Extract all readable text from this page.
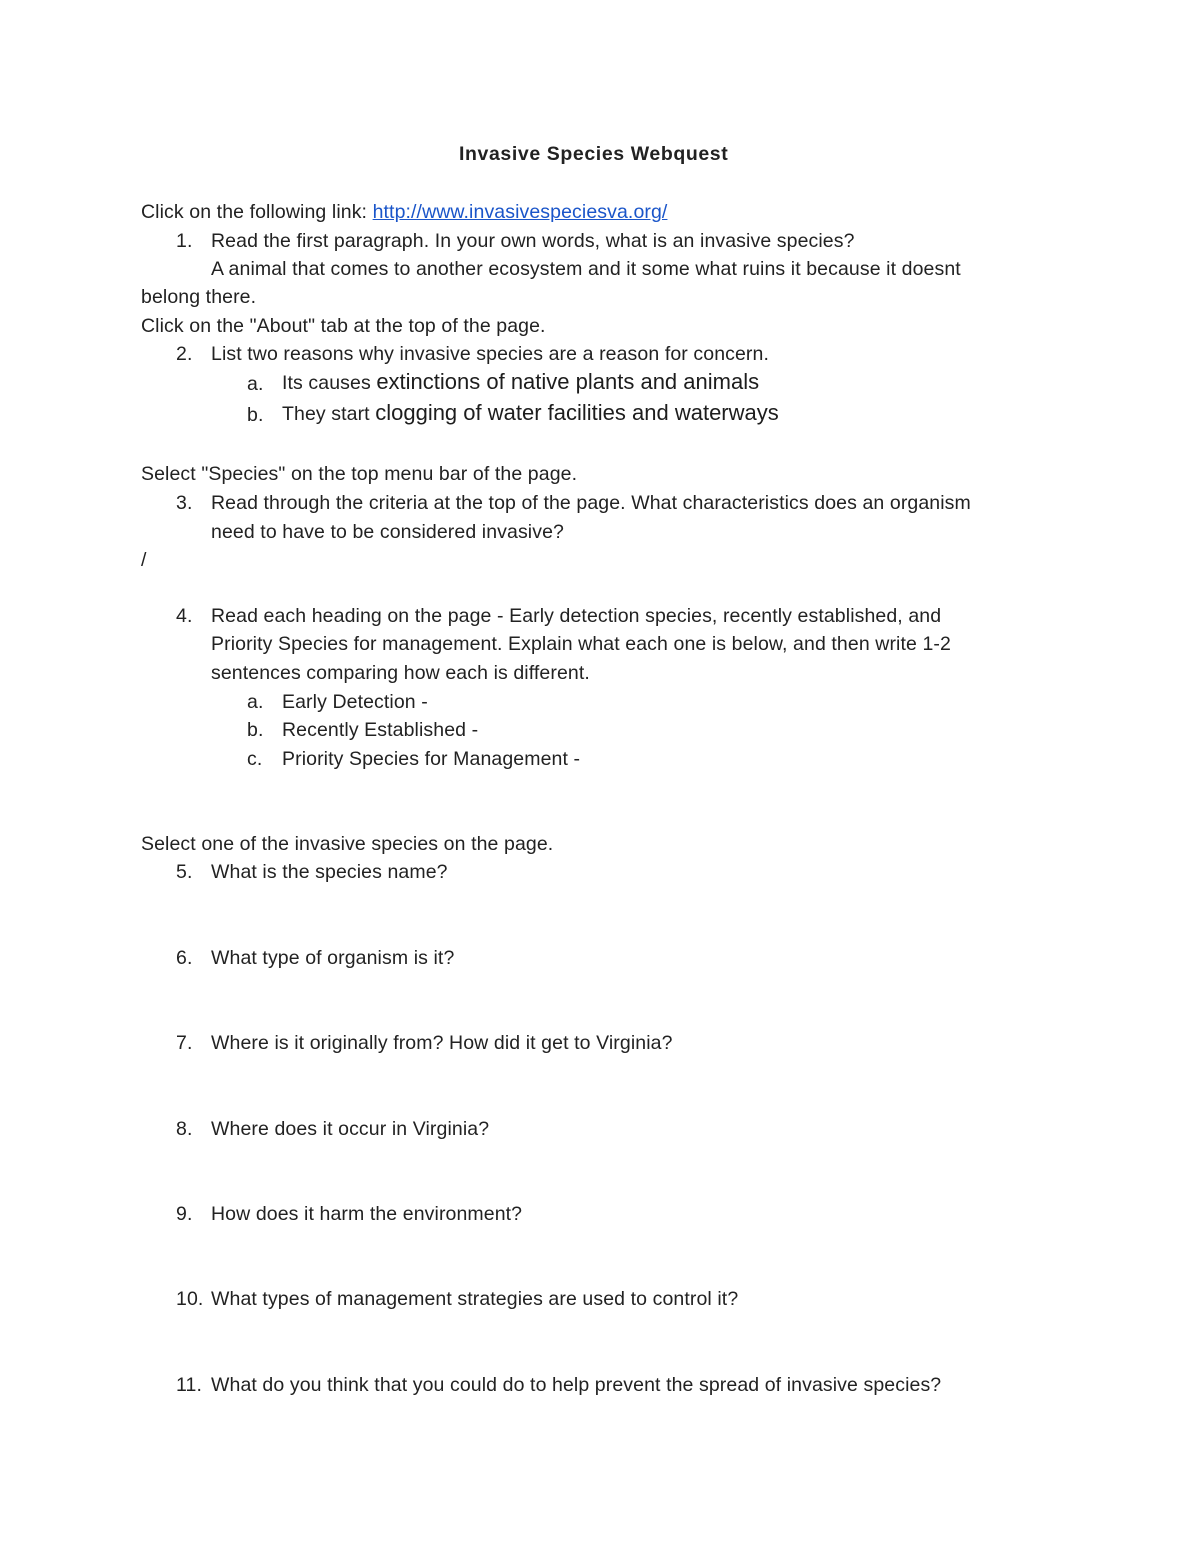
Invasive Species Webquest
Click on the following link: http://www.invasivespeciesva.org/
1. Read the first paragraph. In your own words, what is an invasive species?
A animal that comes to another ecosystem and it some what ruins it because it doesnt
belong there.
Click on the "About" tab at the top of the page.
2. List two reasons why invasive species are a reason for concern.
a. Its causes extinctions of native plants and animals
b. They start clogging of water facilities and waterways
Select "Species" on the top menu bar of the page.
3. Read through the criteria at the top of the page. What characteristics does an organism
need to have to be considered invasive?
/
4. Read each heading on the page - Early detection species, recently established, and
Priority Species for management. Explain what each one is below, and then write 1-2
sentences comparing how each is different.
a. Early Detection -
b. Recently Established -
c. Priority Species for Management -
Select one of the invasive species on the page.
5. What is the species name?
6. What type of organism is it?
7. Where is it originally from? How did it get to Virginia?
8. Where does it occur in Virginia?
9. How does it harm the environment?
10. What types of management strategies are used to control it?
11. What do you think that you could do to help prevent the spread of invasive species?
